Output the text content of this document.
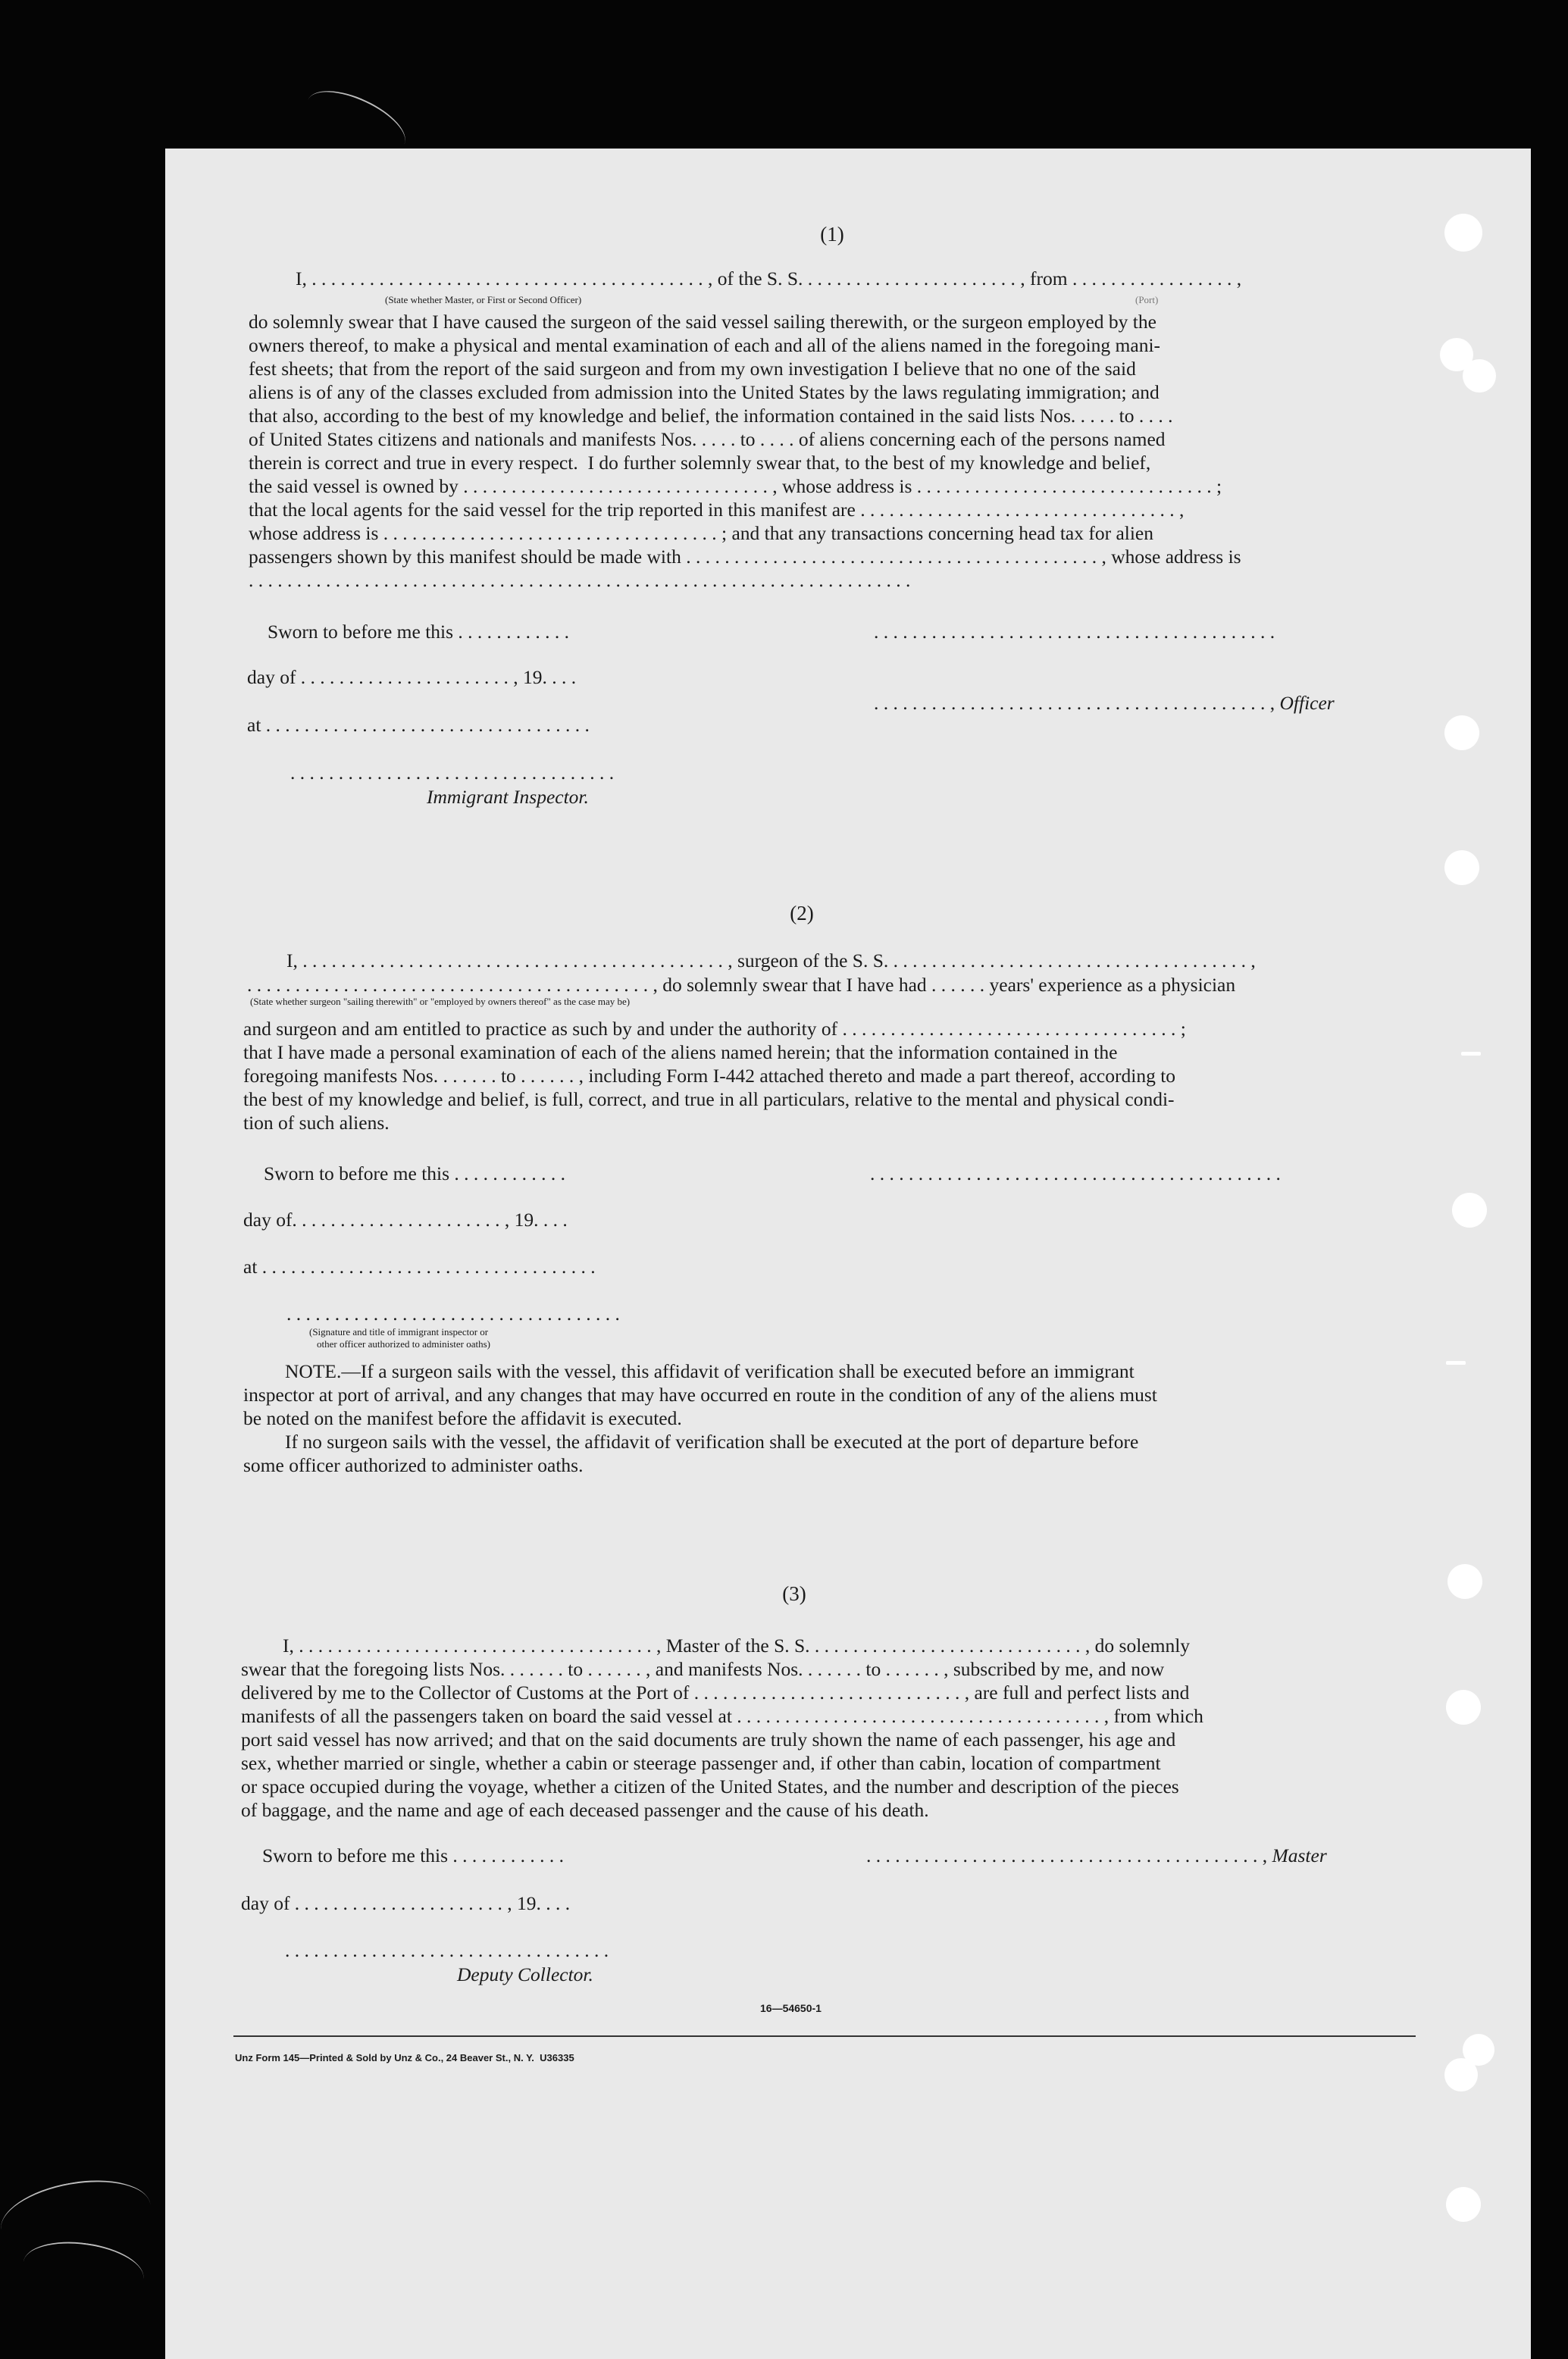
(1)
I, . . . . . . . . . . . . . . . . . . . . . . . . . . . . . . . . . . . . . . . . . , of the S. S. . . . . . . . . . . . . . . . . . . . . . . , from . . . . . . . . . . . . . . . . . ,
(State whether Master, or First or Second Officer)	(Port)
do solemnly swear that I have caused the surgeon of the said vessel sailing therewith, or the surgeon employed by the
owners thereof, to make a physical and mental examination of each and all of the aliens named in the foregoing mani-
fest sheets; that from the report of the said surgeon and from my own investigation I believe that no one of the said
aliens is of any of the classes excluded from admission into the United States by the laws regulating immigration; and
that also, according to the best of my knowledge and belief, the information contained in the said lists Nos. . . . . to . . . .
of United States citizens and nationals and manifests Nos. . . . . to . . . . of aliens concerning each of the persons named
therein is correct and true in every respect.  I do further solemnly swear that, to the best of my knowledge and belief,
the said vessel is owned by . . . . . . . . . . . . . . . . . . . . . . . . . . . . . . . . , whose address is . . . . . . . . . . . . . . . . . . . . . . . . . . . . . . . ;
that the local agents for the said vessel for the trip reported in this manifest are . . . . . . . . . . . . . . . . . . . . . . . . . . . . . . . . . ,
whose address is . . . . . . . . . . . . . . . . . . . . . . . . . . . . . . . . . . . ; and that any transactions concerning head tax for alien
passengers shown by this manifest should be made with . . . . . . . . . . . . . . . . . . . . . . . . . . . . . . . . . . . . . . . . . . . , whose address is
. . . . . . . . . . . . . . . . . . . . . . . . . . . . . . . . . . . . . . . . . . . . . . . . . . . . . . . . . . . . . . . . . . . . .
Sworn to before me this . . . . . . . . . . . .	. . . . . . . . . . . . . . . . . . . . . . . . . . . . . . . . . . . . . . . . . .
day of . . . . . . . . . . . . . . . . . . . . . . , 19. . . .
. . . . . . . . . . . . . . . . . . . . . . . . . . . . . . . . . . . . . . . . . , Officer
at . . . . . . . . . . . . . . . . . . . . . . . . . . . . . . . . . .
. . . . . . . . . . . . . . . . . . . . . . . . . . . . . . . . . .
Immigrant Inspector.
(2)
I, . . . . . . . . . . . . . . . . . . . . . . . . . . . . . . . . . . . . . . . . . . . . , surgeon of the S. S. . . . . . . . . . . . . . . . . . . . . . . . . . . . . . . . . . . . . . ,
. . . . . . . . . . . . . . . . . . . . . . . . . . . . . . . . . . . . . . . . . . , do solemnly swear that I have had . . . . . . years' experience as a physician
(State whether surgeon "sailing therewith" or "employed by owners thereof" as the case may be)
and surgeon and am entitled to practice as such by and under the authority of . . . . . . . . . . . . . . . . . . . . . . . . . . . . . . . . . . . ;
that I have made a personal examination of each of the aliens named herein; that the information contained in the
foregoing manifests Nos. . . . . . . to . . . . . . , including Form I-442 attached thereto and made a part thereof, according to
the best of my knowledge and belief, is full, correct, and true in all particulars, relative to the mental and physical condi-
tion of such aliens.
Sworn to before me this . . . . . . . . . . . .	. . . . . . . . . . . . . . . . . . . . . . . . . . . . . . . . . . . . . . . . . . .
day of. . . . . . . . . . . . . . . . . . . . . . , 19. . . .
at . . . . . . . . . . . . . . . . . . . . . . . . . . . . . . . . . . .
. . . . . . . . . . . . . . . . . . . . . . . . . . . . . . . . . . .
(Signature and title of immigrant inspector or
other officer authorized to administer oaths)
NOTE.—If a surgeon sails with the vessel, this affidavit of verification shall be executed before an immigrant
inspector at port of arrival, and any changes that may have occurred en route in the condition of any of the aliens must
be noted on the manifest before the affidavit is executed.
If no surgeon sails with the vessel, the affidavit of verification shall be executed at the port of departure before
some officer authorized to administer oaths.
(3)
I, . . . . . . . . . . . . . . . . . . . . . . . . . . . . . . . . . . . . . , Master of the S. S. . . . . . . . . . . . . . . . . . . . . . . . . . . . . , do solemnly
swear that the foregoing lists Nos. . . . . . . to . . . . . . , and manifests Nos. . . . . . . to . . . . . . , subscribed by me, and now
delivered by me to the Collector of Customs at the Port of . . . . . . . . . . . . . . . . . . . . . . . . . . . . , are full and perfect lists and
manifests of all the passengers taken on board the said vessel at . . . . . . . . . . . . . . . . . . . . . . . . . . . . . . . . . . . . . . , from which
port said vessel has now arrived; and that on the said documents are truly shown the name of each passenger, his age and
sex, whether married or single, whether a cabin or steerage passenger and, if other than cabin, location of compartment
or space occupied during the voyage, whether a citizen of the United States, and the number and description of the pieces
of baggage, and the name and age of each deceased passenger and the cause of his death.
Sworn to before me this . . . . . . . . . . . .	. . . . . . . . . . . . . . . . . . . . . . . . . . . . . . . . . . . . . . . . . , Master
day of . . . . . . . . . . . . . . . . . . . . . . , 19. . . .
. . . . . . . . . . . . . . . . . . . . . . . . . . . . . . . . . .
Deputy Collector.
16—54650-1
Unz Form 145—Printed & Sold by Unz & Co., 24 Beaver St., N. Y.  U36335
